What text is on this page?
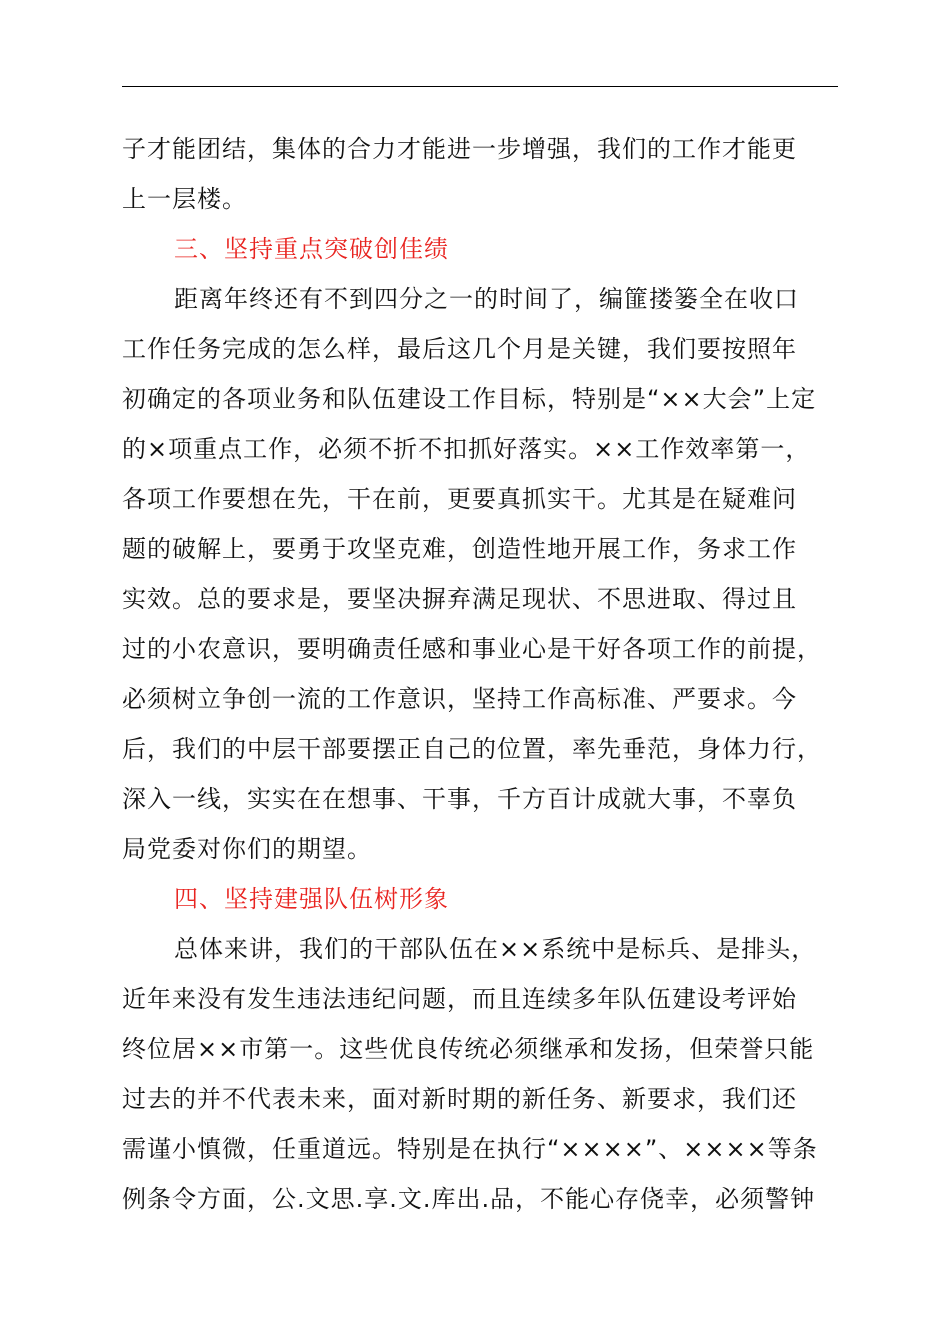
子才能团结，集体的合力才能进一步增强，我们的工作才能更
上一层楼。
三、坚持重点突破创佳绩
距离年终还有不到四分之一的时间了，编篚搂篓全在收口
工作任务完成的怎么样，最后这几个月是关键，我们要按照年
初确定的各项业务和队伍建设工作目标，特别是“××大会”上定
的×项重点工作，必须不折不扣抓好落实。××工作效率第一，
各项工作要想在先，干在前，更要真抓实干。尤其是在疑难问
题的破解上，要勇于攻坚克难，创造性地开展工作，务求工作
实效。总的要求是，要坚决摒弃满足现状、不思进取、得过且
过的小农意识，要明确责任感和事业心是干好各项工作的前提，
必须树立争创一流的工作意识，坚持工作高标准、严要求。今
后，我们的中层干部要摆正自己的位置，率先垂范，身体力行，
深入一线，实实在在想事、干事，千方百计成就大事，不辜负
局党委对你们的期望。
四、坚持建强队伍树形象
总体来讲，我们的干部队伍在××系统中是标兵、是排头，
近年来没有发生违法违纪问题，而且连续多年队伍建设考评始
终位居××市第一。这些优良传统必须继承和发扬，但荣誉只能
过去的并不代表未来，面对新时期的新任务、新要求，我们还
需谨小慎微，任重道远。特别是在执行“××××”、××××等条
例条令方面，公.文思.享.文.库出.品，不能心存侥幸，必须警钟
